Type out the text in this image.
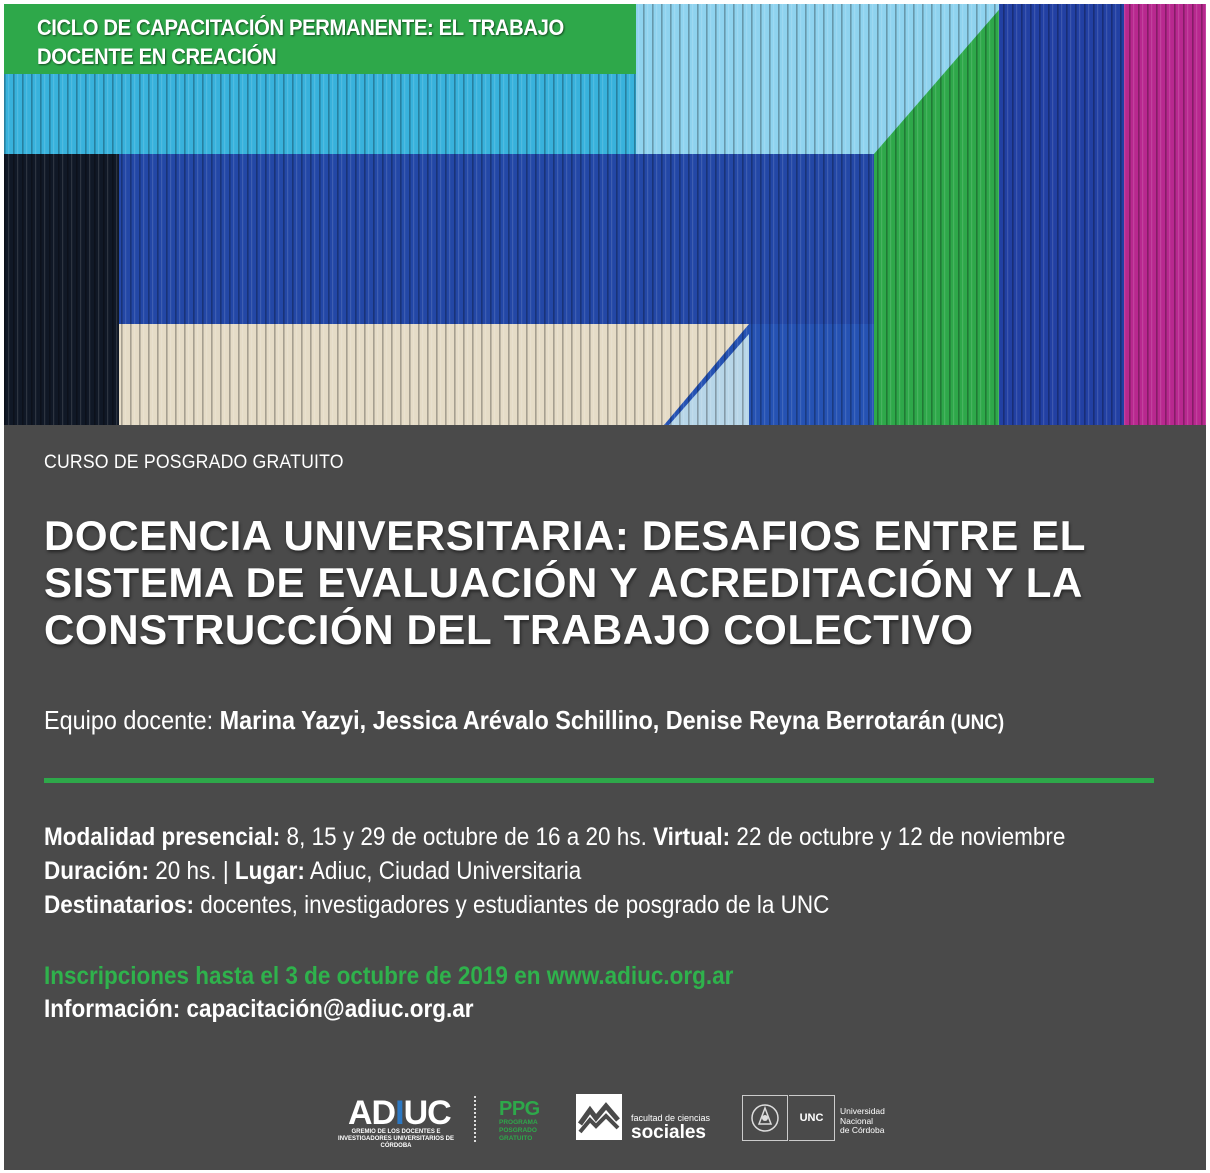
CICLO DE CAPACITACIÓN PERMANENTE: EL TRABAJO
DOCENTE EN CREACIÓN
CURSO DE POSGRADO GRATUITO
DOCENCIA UNIVERSITARIA: DESAFIOS ENTRE EL
SISTEMA DE EVALUACIÓN Y ACREDITACIÓN Y LA
CONSTRUCCIÓN DEL TRABAJO COLECTIVO
Equipo docente: Marina Yazyi, Jessica Arévalo Schillino, Denise Reyna Berrotarán (UNC)
Modalidad presencial: 8, 15 y 29 de octubre de 16 a 20 hs. Virtual: 22 de octubre y 12 de noviembre
Duración: 20 hs. | Lugar: Adiuc, Ciudad Universitaria
Destinatarios: docentes, investigadores y estudiantes de posgrado de la UNC
Inscripciones hasta el 3 de octubre de 2019 en www.adiuc.org.ar
Información: capacitación@adiuc.org.ar
ADIUC
GREMIO DE LOS DOCENTES E INVESTIGADORES UNIVERSITARIOS DE CÓRDOBA
PPG
PROGRAMA
POSGRADO
GRATUITO
facultad de ciencias
sociales
UNC
Universidad
Nacional
de Córdoba
